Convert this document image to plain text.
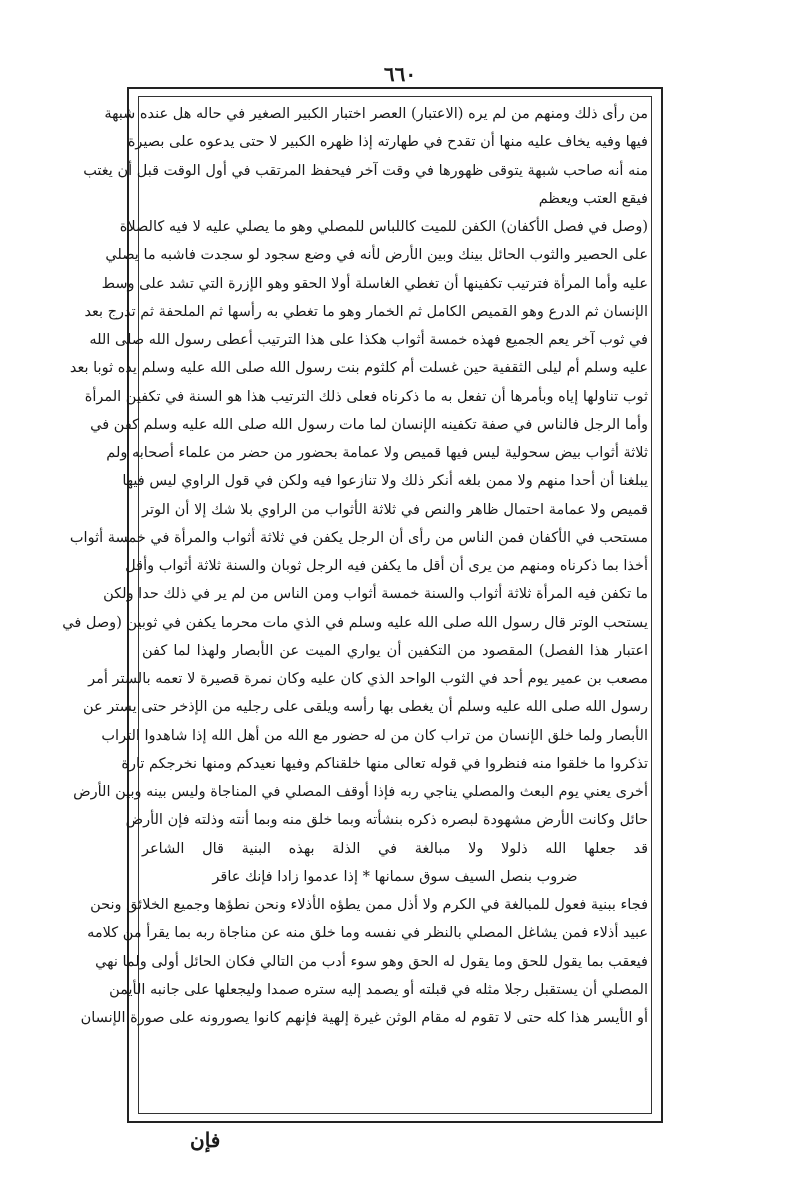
٦٦٠
من رأى ذلك ومنهم من لم يره (الاعتبار) العصر اختبار الكبير الصغير في حاله هل عنده شبهة
فيها وفيه يخاف عليه منها أن تقدح في طهارته إذا ظهره الكبير لا حتى يدعوه على بصيرة
منه أنه صاحب شبهة يتوقى ظهورها في وقت آخر فيحفظ المرتقب في أول الوقت قبل أن يغتب
فيقع العتب ويعظم
(وصل في فصل الأكفان) الكفن للميت كاللباس للمصلي وهو ما يصلي عليه لا فيه كالصلاة
على الحصير والثوب الحائل بينك وبين الأرض لأنه في وضع سجود لو سجدت فاشبه ما يصلي
عليه وأما المرأة فترتيب تكفينها أن تغطي الغاسلة أولا الحقو وهو الإزرة التي تشد على وسط
الإنسان ثم الدرع وهو القميص الكامل ثم الخمار وهو ما تغطي به رأسها ثم الملحفة ثم تدرج بعد
في ثوب آخر يعم الجميع فهذه خمسة أثواب هكذا على هذا الترتيب أعطى رسول الله صلى الله
عليه وسلم أم ليلى الثقفية حين غسلت أم كلثوم بنت رسول الله صلى الله عليه وسلم يده ثوبا بعد
ثوب تناولها إياه وبأمرها أن تفعل به ما ذكرناه فعلى ذلك الترتيب هذا هو السنة في تكفين المرأة
وأما الرجل فالناس في صفة تكفينه الإنسان لما مات رسول الله صلى الله عليه وسلم كفن في
ثلاثة أثواب بيض سحولية ليس فيها قميص ولا عمامة بحضور من حضر من علماء أصحابه ولم
يبلغنا أن أحدا منهم ولا ممن بلغه أنكر ذلك ولا تنازعوا فيه ولكن في قول الراوي ليس فيها
قميص ولا عمامة احتمال ظاهر والنص في ثلاثة الأثواب من الراوي بلا شك إلا أن الوتر
مستحب في الأكفان فمن الناس من رأى أن الرجل يكفن في ثلاثة أثواب والمرأة في خمسة أثواب
أخذا بما ذكرناه ومنهم من يرى أن أقل ما يكفن فيه الرجل ثوبان والسنة ثلاثة أثواب وأقل
ما تكفن فيه المرأة ثلاثة أثواب والسنة خمسة أثواب ومن الناس من لم ير في ذلك حدا ولكن
يستحب الوتر قال رسول الله صلى الله عليه وسلم في الذي مات محرما يكفن في ثوبين (وصل في
اعتبار هذا الفصل) المقصود من التكفين أن يواري الميت عن الأبصار ولهذا لما كفن
مصعب بن عمير يوم أحد في الثوب الواحد الذي كان عليه وكان نمرة قصيرة لا تعمه بالستر أمر
رسول الله صلى الله عليه وسلم أن يغطى بها رأسه ويلقى على رجليه من الإذخر حتى يستر عن
الأبصار ولما خلق الإنسان من تراب كان من له حضور مع الله من أهل الله إذا شاهدوا التراب
تذكروا ما خلقوا منه فنظروا في قوله تعالى منها خلقناكم وفيها نعيدكم ومنها نخرجكم تارة
أخرى يعني يوم البعث والمصلي يناجي ربه فإذا أوقف المصلي في المناجاة وليس بينه وبين الأرض
حائل وكانت الأرض مشهودة لبصره ذكره بنشأته وبما خلق منه وبما أنته وذلته فإن الأرض
قد جعلها الله ذلولا ولا مبالغة في الذلة بهذه البنية قال الشاعر
ضروب بنصل السيف سوق سمانها * إذا عدموا زادا فإنك عاقر
فجاء ببنية فعول للمبالغة في الكرم ولا أذل ممن يطؤه الأذلاء ونحن نطؤها وجميع الخلائق ونحن
عبيد أذلاء فمن يشاغل المصلي بالنظر في نفسه وما خلق منه عن مناجاة ربه بما يقرأ من كلامه
فيعقب بما يقول للحق وما يقول له الحق وهو سوء أدب من التالي فكان الحائل أولى ولما نهي
المصلي أن يستقبل رجلا مثله في قبلته أو يصمد إليه ستره صمدا وليجعلها على جانبه الأيمن
أو الأيسر هذا كله حتى لا تقوم له مقام الوثن غيرة إلهية فإنهم كانوا يصورونه على صورة الإنسان
فإن
